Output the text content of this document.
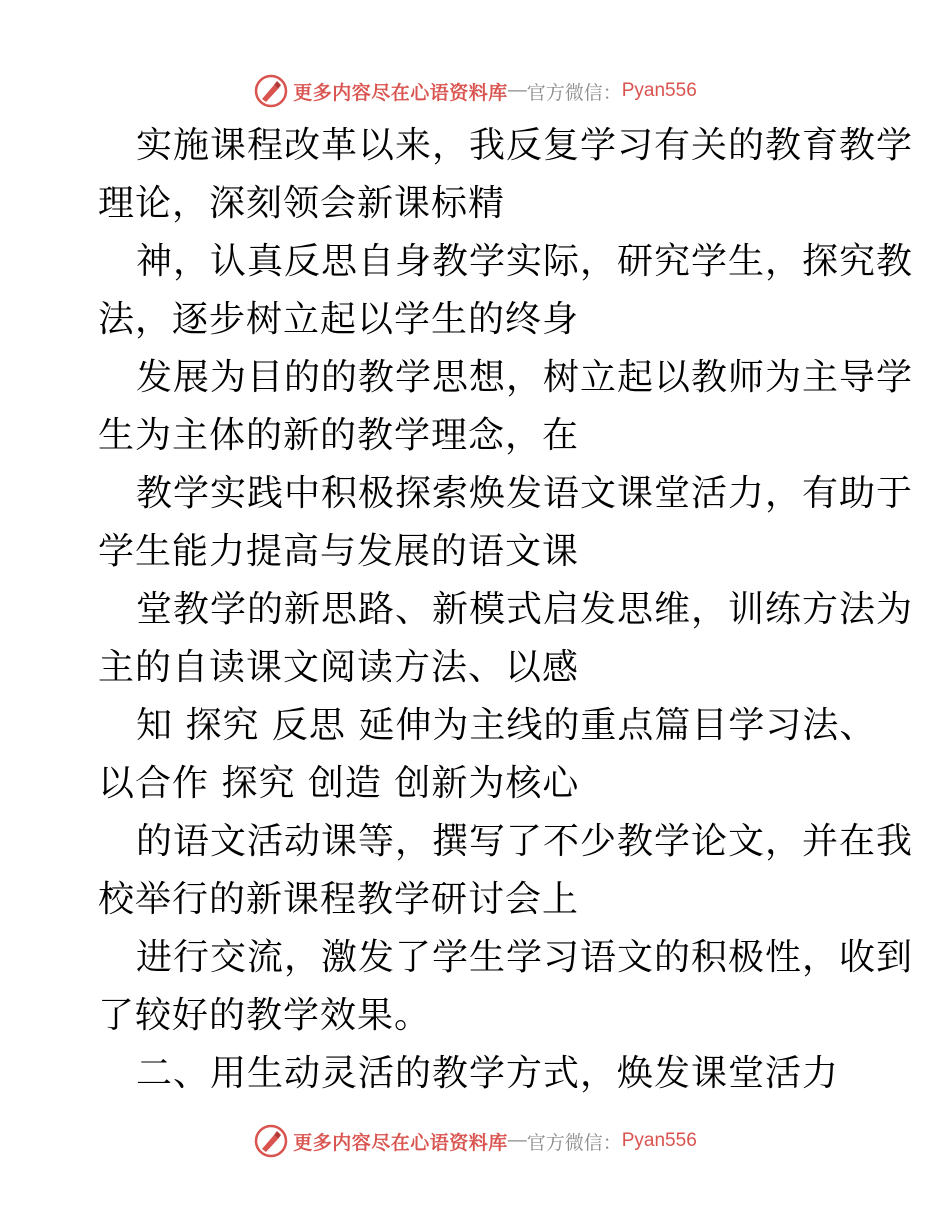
更多内容尽在心语资料库 — 官方微信： Pyan556
实施课程改革以来，我反复学习有关的教育教学
理论，深刻领会新课标精
神，认真反思自身教学实际，研究学生，探究教
法，逐步树立起以学生的终身
发展为目的的教学思想，树立起以教师为主导学
生为主体的新的教学理念，在
教学实践中积极探索焕发语文课堂活力，有助于
学生能力提高与发展的语文课
堂教学的新思路、新模式启发思维，训练方法为
主的自读课文阅读方法、以感
知 探究 反思 延伸为主线的重点篇目学习法、
以合作 探究 创造 创新为核心
的语文活动课等，撰写了不少教学论文，并在我
校举行的新课程教学研讨会上
进行交流，激发了学生学习语文的积极性，收到
了较好的教学效果。
二、用生动灵活的教学方式，焕发课堂活力
更多内容尽在心语资料库 — 官方微信： Pyan556
